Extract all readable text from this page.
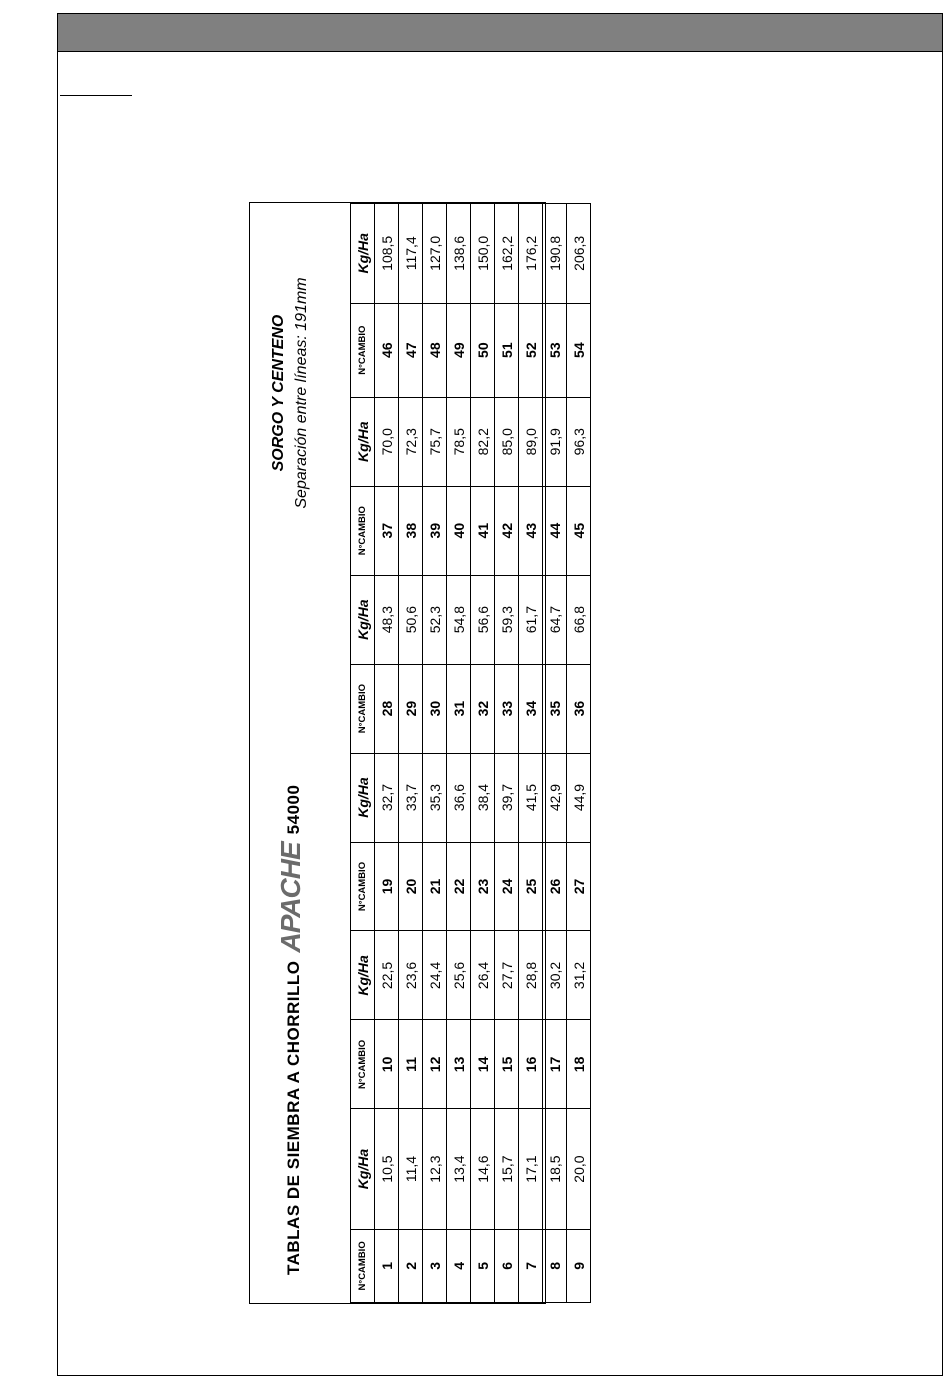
TABLAS DE SIEMBRA A CHORRILLO
APACHE
54000
SORGO Y CENTENO Separación entre líneas: 191mm
N°CAMBIO	Kg/Ha	N°CAMBIO	Kg/Ha	N°CAMBIO	Kg/Ha	N°CAMBIO	Kg/Ha	N°CAMBIO	Kg/Ha	N°CAMBIO	Kg/Ha
1	10,5	10	22,5	19	32,7	28	48,3	37	70,0	46	108,5
2	11,4	11	23,6	20	33,7	29	50,6	38	72,3	47	117,4
3	12,3	12	24,4	21	35,3	30	52,3	39	75,7	48	127,0
4	13,4	13	25,6	22	36,6	31	54,8	40	78,5	49	138,6
5	14,6	14	26,4	23	38,4	32	56,6	41	82,2	50	150,0
6	15,7	15	27,7	24	39,7	33	59,3	42	85,0	51	162,2
7	17,1	16	28,8	25	41,5	34	61,7	43	89,0	52	176,2
8	18,5	17	30,2	26	42,9	35	64,7	44	91,9	53	190,8
9	20,0	18	31,2	27	44,9	36	66,8	45	96,3	54	206,3
